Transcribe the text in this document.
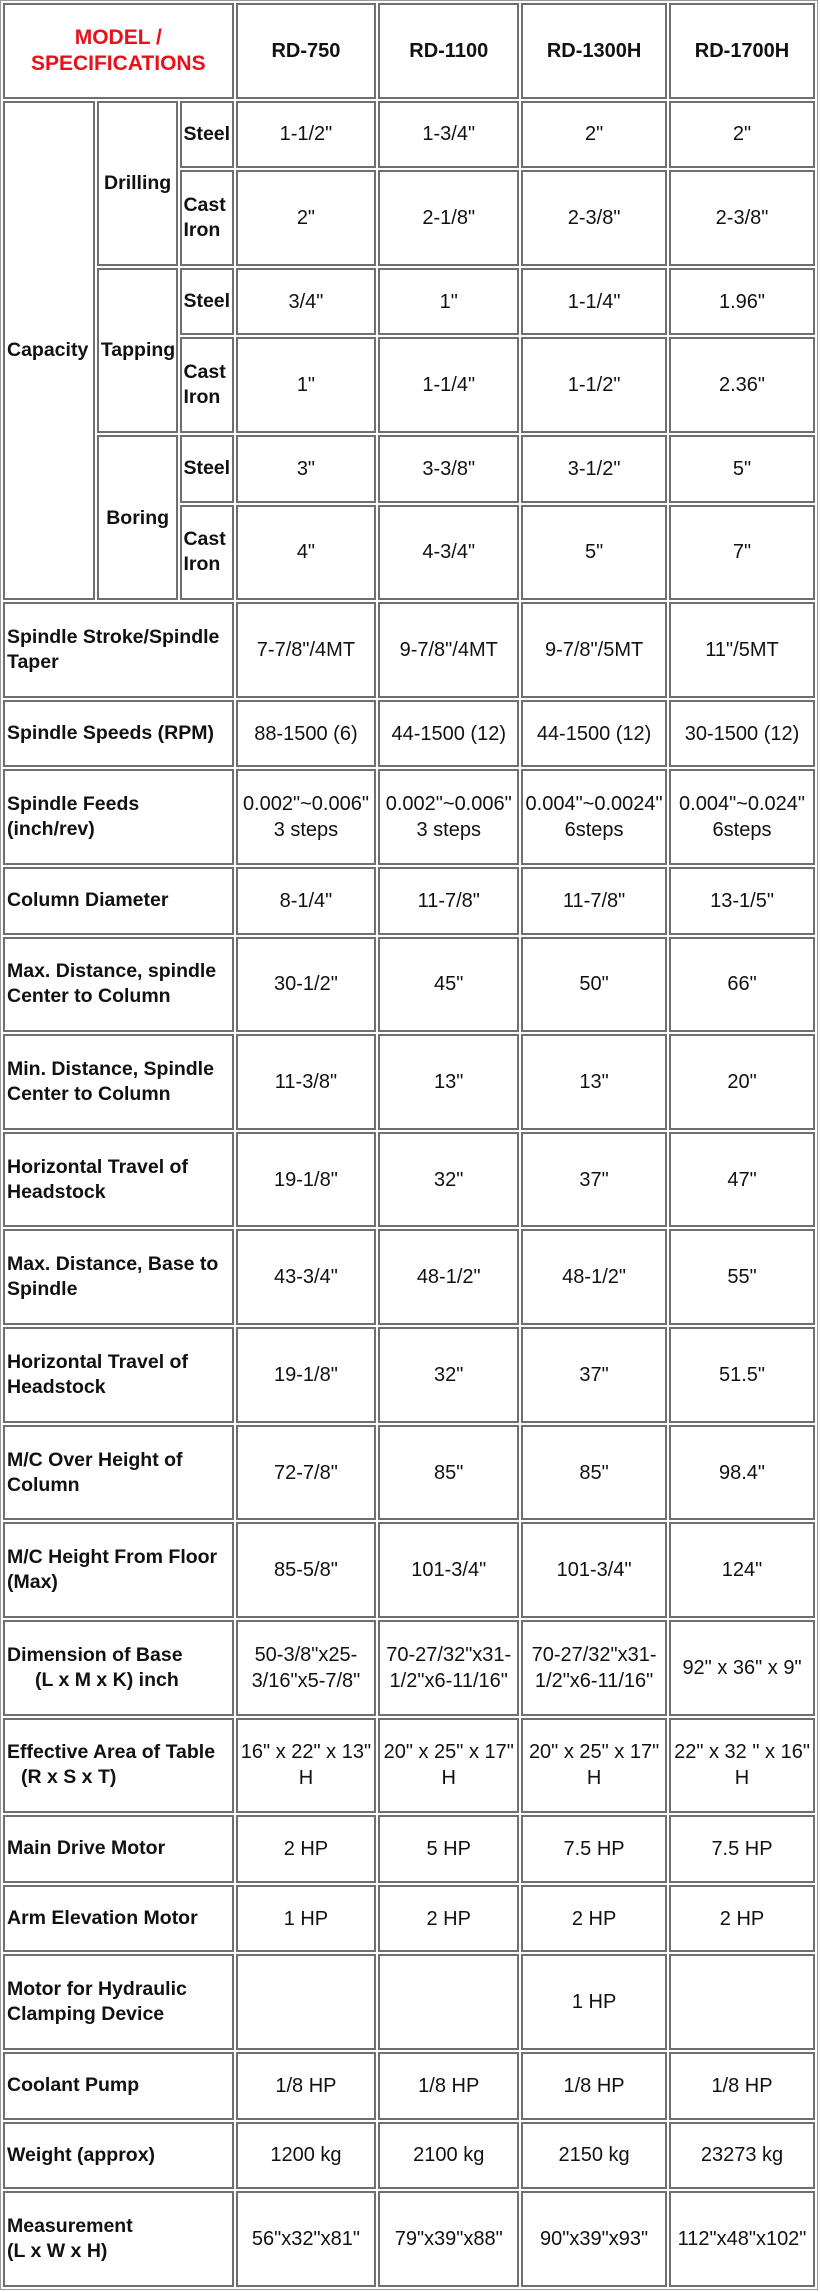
MODEL / SPECIFICATIONS			RD-750	RD-1100	RD-1300H	RD-1700H
Capacity	Drilling	Steel	1-1/2"	1-3/4"	2"	2"
		Cast Iron	2"	2-1/8"	2-3/8"	2-3/8"
	Tapping	Steel	3/4"	1"	1-1/4"	1.96"
		Cast Iron	1"	1-1/4"	1-1/2"	2.36"
	Boring	Steel	3"	3-3/8"	3-1/2"	5"
		Cast Iron	4"	4-3/4"	5"	7"
Spindle Stroke/Spindle Taper			7-7/8"/4MT	9-7/8"/4MT	9-7/8"/5MT	11"/5MT
Spindle Speeds (RPM)			88-1500 (6)	44-1500 (12)	44-1500 (12)	30-1500 (12)
Spindle Feeds (inch/rev)			0.002"~0.006" 3 steps	0.002"~0.006" 3 steps	0.004"~0.0024" 6steps	0.004"~0.024" 6steps
Column Diameter			8-1/4"	11-7/8"	11-7/8"	13-1/5"
Max. Distance, spindle Center to Column			30-1/2"	45"	50"	66"
Min. Distance, Spindle Center to Column			11-3/8"	13"	13"	20"
Horizontal Travel of Headstock			19-1/8"	32"	37"	47"
Max. Distance, Base to Spindle			43-3/4"	48-1/2"	48-1/2"	55"
Horizontal Travel of Headstock			19-1/8"	32"	37"	51.5"
M/C Over Height of Column			72-7/8"	85"	85"	98.4"
M/C Height From Floor (Max)			85-5/8"	101-3/4"	101-3/4"	124"
Dimension of Base
(L x M x K) inch			50-3/8"x25-3/16"x5-7/8"	70-27/32"x31-1/2"x6-11/16"	70-27/32"x31-1/2"x6-11/16"	92" x 36" x 9"
Effective Area of Table
(R x S x T)			16" x 22" x 13" H	20" x 25" x 17" H	20" x 25" x 17" H	22" x 32 " x 16" H
Main Drive Motor			2 HP	5 HP	7.5 HP	7.5 HP
Arm Elevation Motor			1 HP	2 HP	2 HP	2 HP
Motor for Hydraulic Clamping Device					1 HP	
Coolant Pump			1/8 HP	1/8 HP	1/8 HP	1/8 HP
Weight (approx)			1200 kg	2100 kg	2150 kg	23273 kg
Measurement
(L x W x H)			56"x32"x81"	79"x39"x88"	90"x39"x93"	112"x48"x102"
